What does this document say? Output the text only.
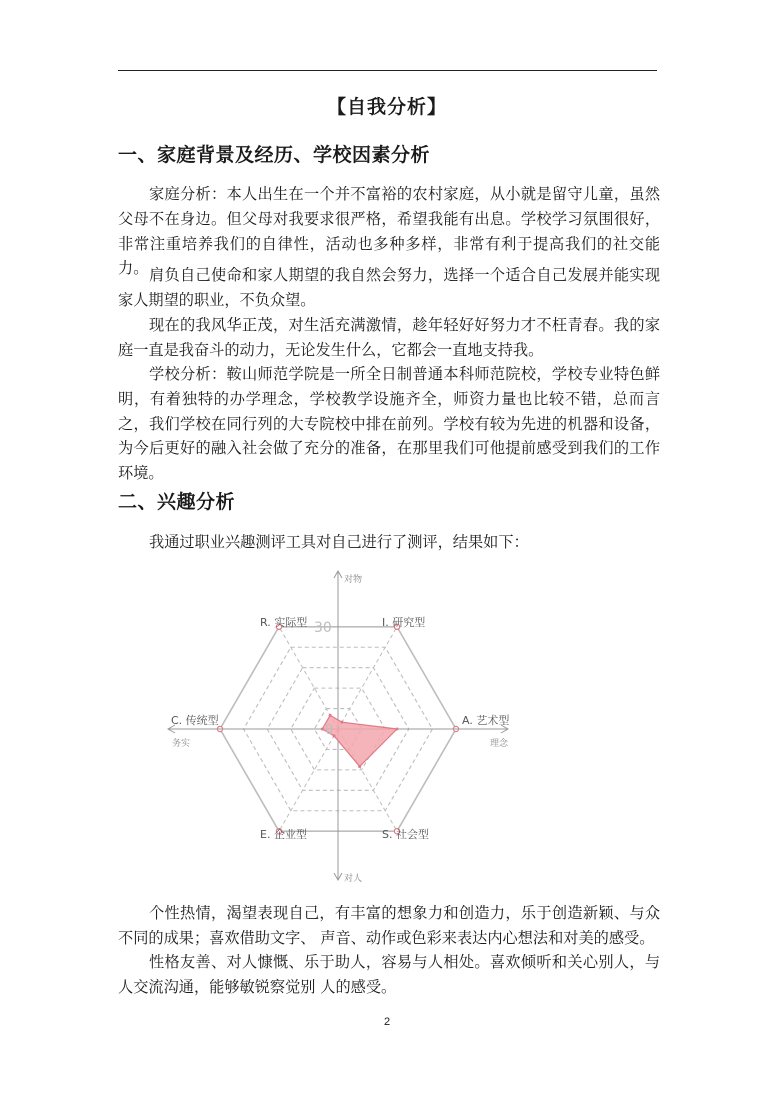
【自我分析】
一、家庭背景及经历、学校因素分析

家庭分析：本人出生在一个并不富裕的农村家庭，从小就是留守儿童，虽然父母不在身边。但父母对我要求很严格，希望我能有出息。学校学习氛围很好，非常注重培养我们的自律性，活动也多种多样，非常有利于提高我们的社交能力。 肩负自己使命和家人期望的我自然会努力，选择一个适合自己发展并能实现家人期望的职业，不负众望。

现在的我风华正茂，对生活充满激情，趁年轻好好努力才不枉青春。我的家庭一直是我奋斗的动力，无论发生什么，它都会一直地支持我。

学校分析：鞍山师范学院是一所全日制普通本科师范院校，学校专业特色鲜明，有着独特的办学理念，学校教学设施齐全，师资力量也比较不错，总而言之，我们学校在同行列的大专院校中排在前列。学校有较为先进的机器和设备，为今后更好的融入社会做了充分的准备，在那里我们可他提前感受到我们的工作环境。

二、兴趣分析

我通过职业兴趣测评工具对自己进行了测评，结果如下：

0
30
R. 实际型	I. 研究型
A. 艺术型
S. 社会型
E. 企业型
C. 传统型
对物
对人
务实	理念

个性热情，渴望表现自己，有丰富的想象力和创造力，乐于创造新颖、与众不同的成果；喜欢借助文字、 声音、动作或色彩来表达内心想法和对美的感受。

性格友善、对人慷慨、乐于助人，容易与人相处。喜欢倾听和关心别人，与人交流沟通，能够敏锐察觉别 人的感受。

2
